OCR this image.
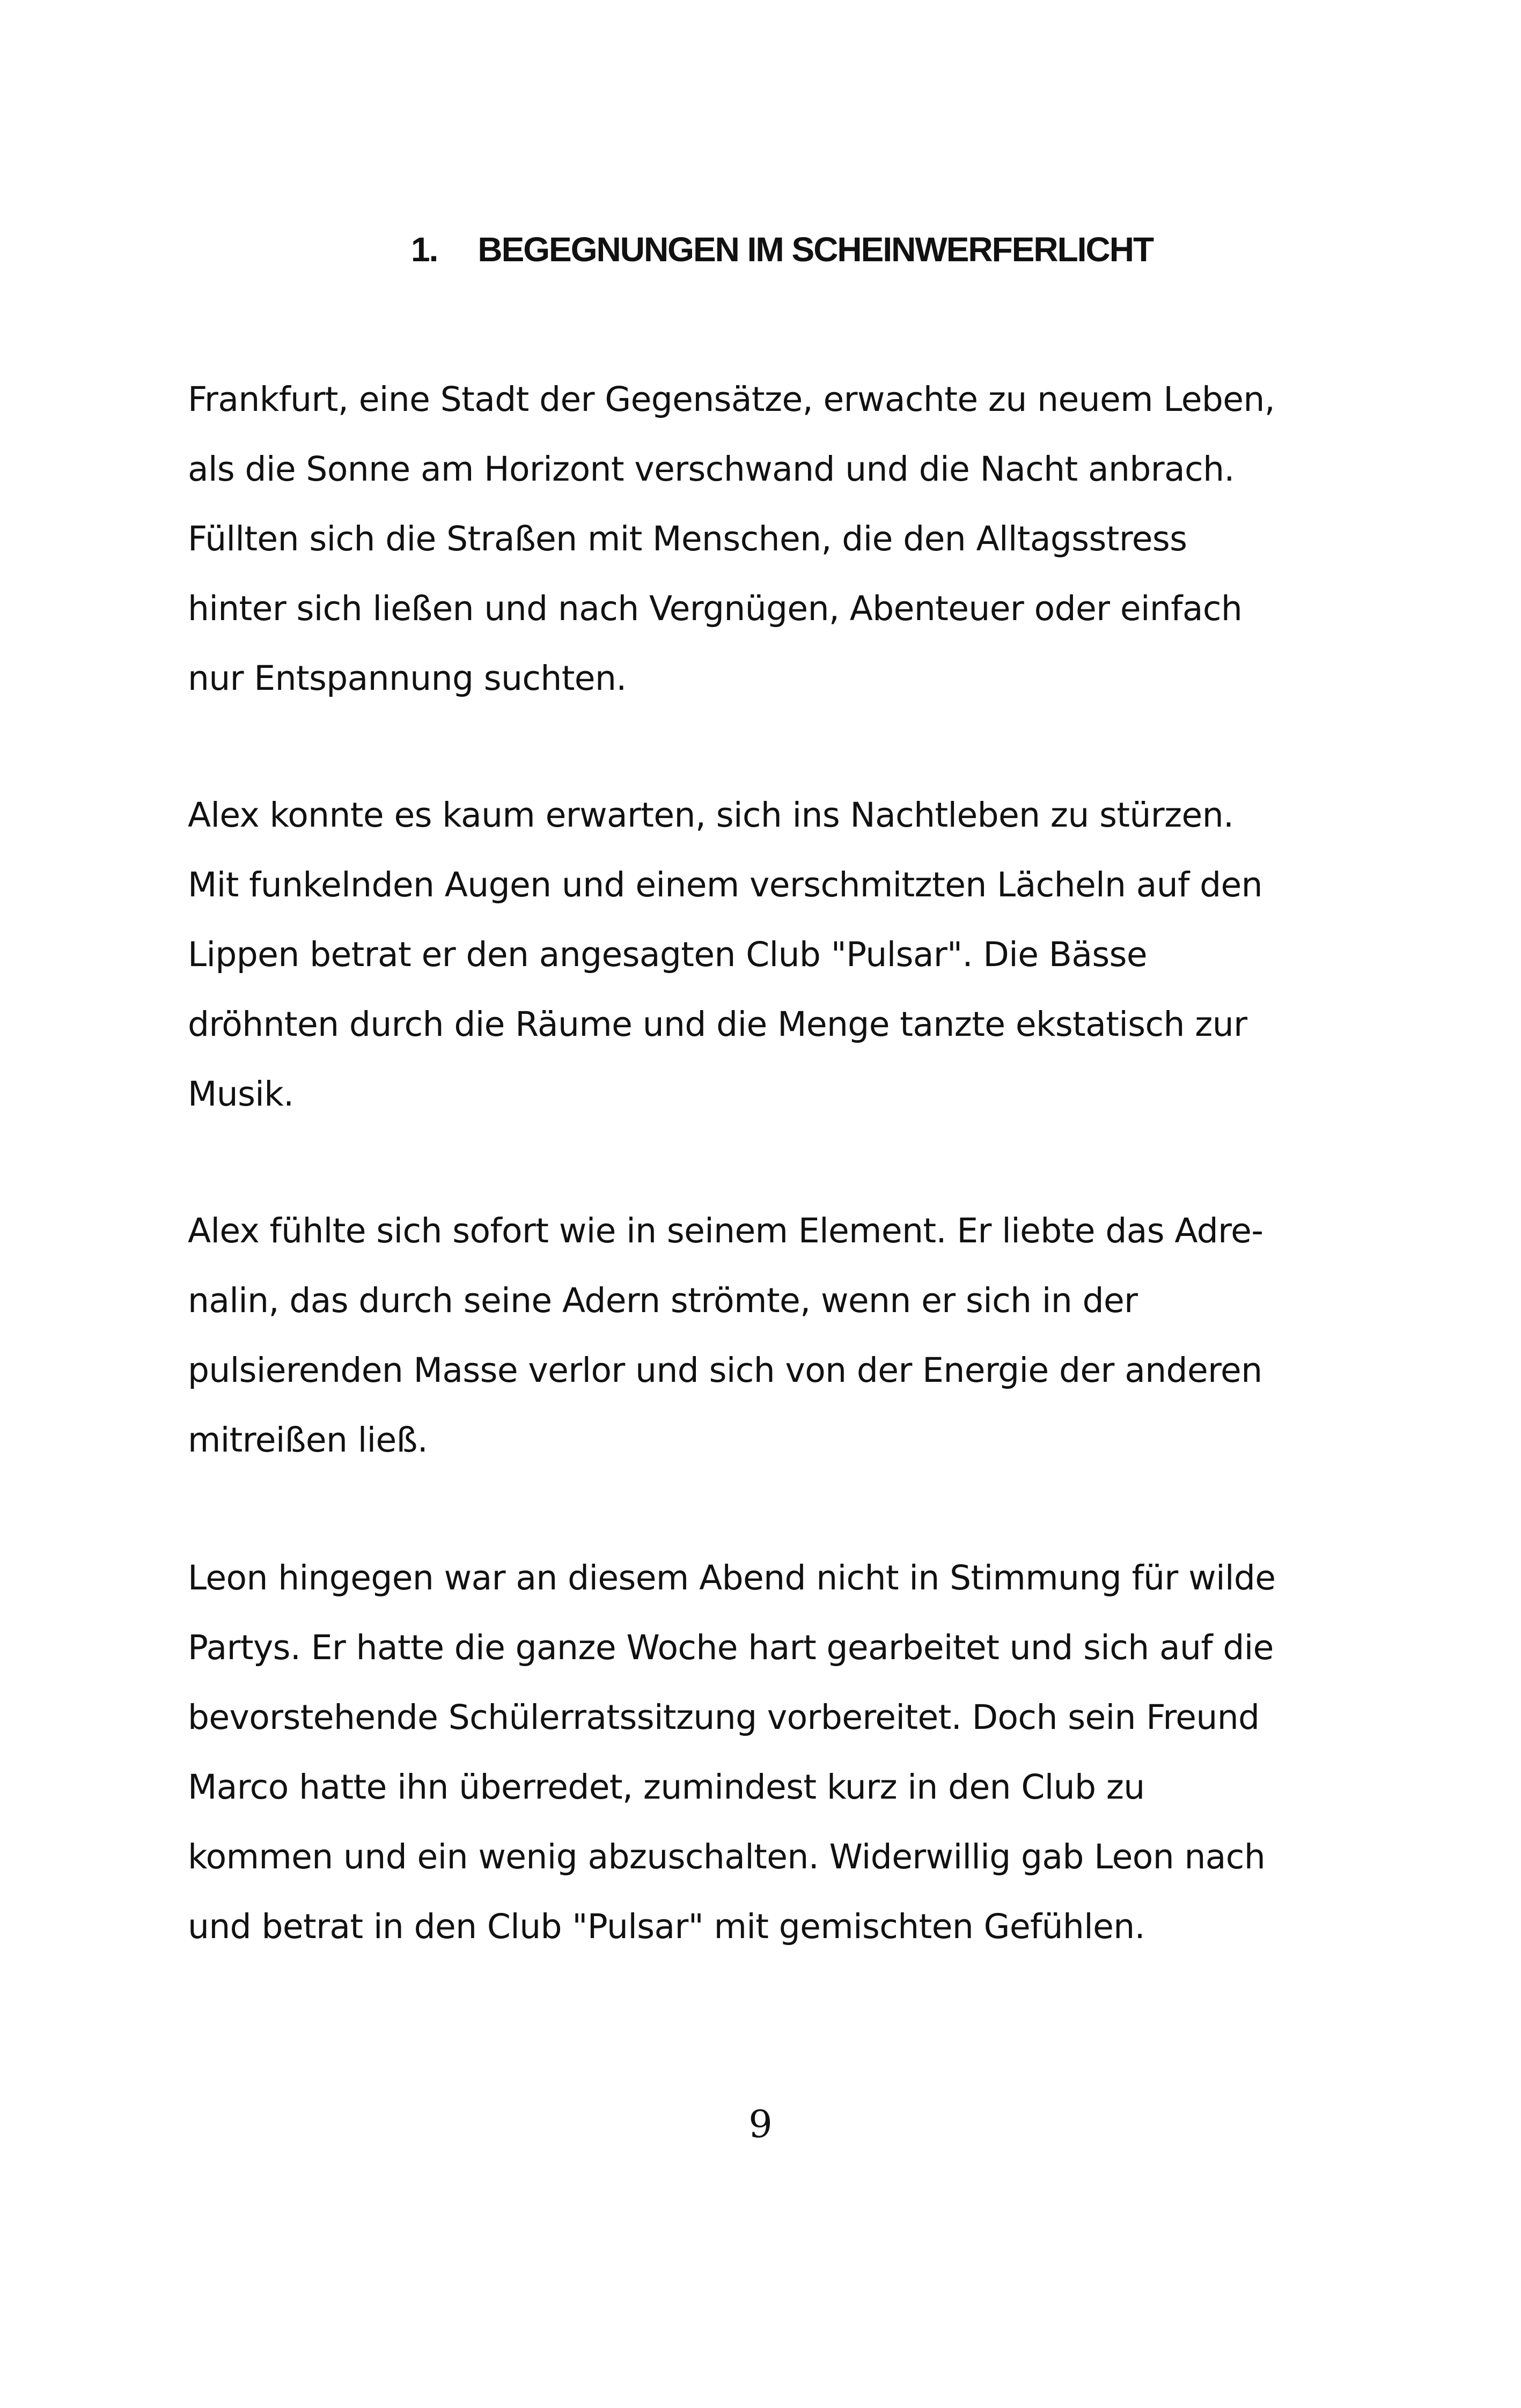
1. BEGEGNUNGEN IM SCHEINWERFERLICHT
Frankfurt, eine Stadt der Gegensätze, erwachte zu neuem Leben,
als die Sonne am Horizont verschwand und die Nacht anbrach.
Füllten sich die Straßen mit Menschen, die den Alltagsstress
hinter sich ließen und nach Vergnügen, Abenteuer oder einfach
nur Entspannung suchten.
Alex konnte es kaum erwarten, sich ins Nachtleben zu stürzen.
Mit funkelnden Augen und einem verschmitzten Lächeln auf den
Lippen betrat er den angesagten Club "Pulsar". Die Bässe
dröhnten durch die Räume und die Menge tanzte ekstatisch zur
Musik.
Alex fühlte sich sofort wie in seinem Element. Er liebte das Adre-
nalin, das durch seine Adern strömte, wenn er sich in der
pulsierenden Masse verlor und sich von der Energie der anderen
mitreißen ließ.
Leon hingegen war an diesem Abend nicht in Stimmung für wilde
Partys. Er hatte die ganze Woche hart gearbeitet und sich auf die
bevorstehende Schülerratssitzung vorbereitet. Doch sein Freund
Marco hatte ihn überredet, zumindest kurz in den Club zu
kommen und ein wenig abzuschalten. Widerwillig gab Leon nach
und betrat in den Club "Pulsar" mit gemischten Gefühlen.
9
